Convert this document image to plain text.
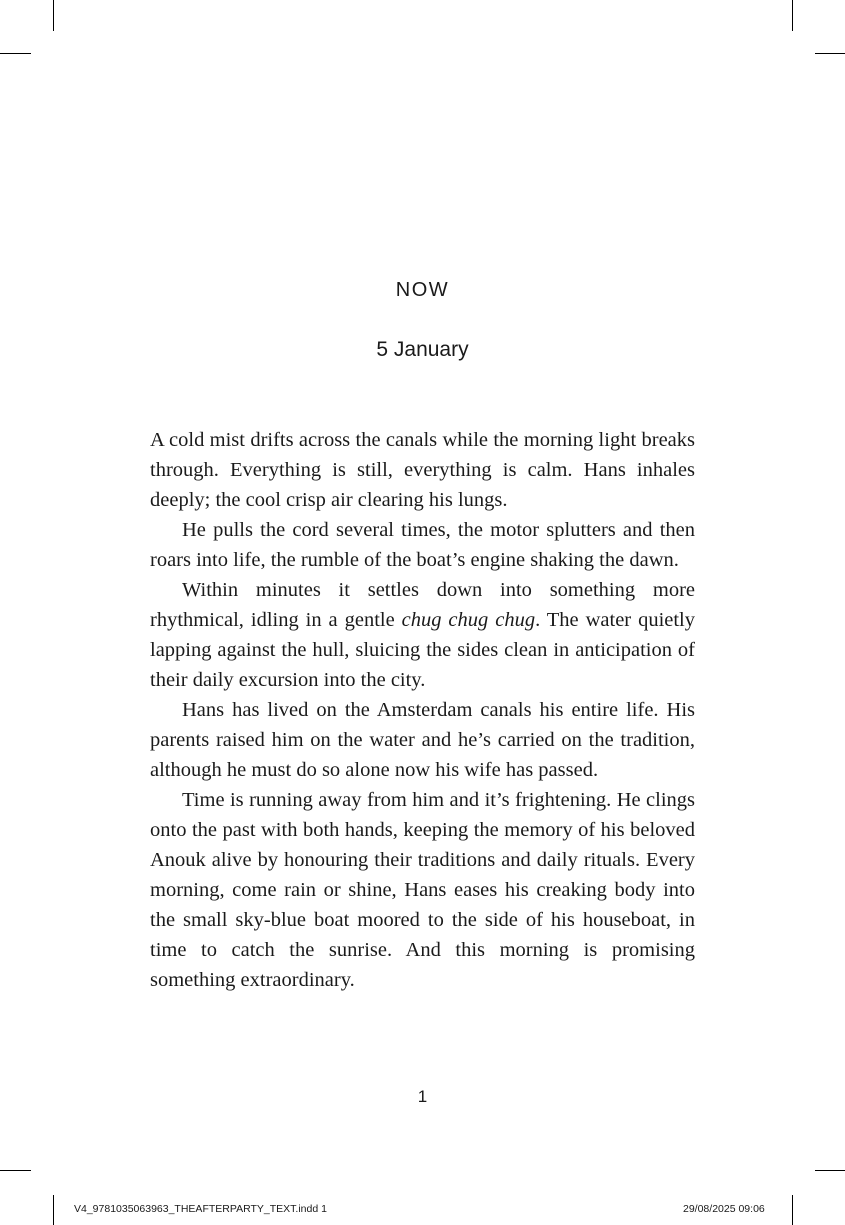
NOW
5 January

A cold mist drifts across the canals while the morning light breaks through. Everything is still, everything is calm. Hans inhales deeply; the cool crisp air clearing his lungs.

He pulls the cord several times, the motor splutters and then roars into life, the rumble of the boat’s engine shaking the dawn.

Within minutes it settles down into something more rhythmical, idling in a gentle chug chug chug. The water quietly lapping against the hull, sluicing the sides clean in anticipation of their daily excursion into the city.

Hans has lived on the Amsterdam canals his entire life. His parents raised him on the water and he’s carried on the tradition, although he must do so alone now his wife has passed.

Time is running away from him and it’s frightening. He clings onto the past with both hands, keeping the memory of his beloved Anouk alive by honouring their traditions and daily rituals. Every morning, come rain or shine, Hans eases his creaking body into the small sky-blue boat moored to the side of his houseboat, in time to catch the sunrise. And this morning is promising something extraordinary.

1
V4_9781035063963_THEAFTERPARTY_TEXT.indd 1	29/08/2025 09:06
